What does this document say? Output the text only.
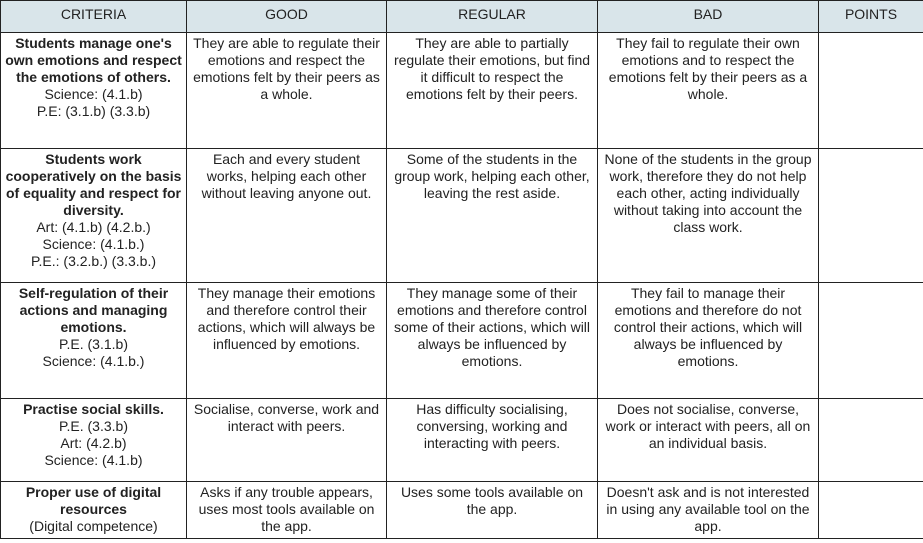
CRITERIA	GOOD	REGULAR	BAD	POINTS

Students manage one's own emotions and respect the emotions of others.
Science: (4.1.b)
P.E: (3.1.b) (3.3.b)	They are able to regulate their emotions and respect the emotions felt by their peers as a whole.	They are able to partially regulate their emotions, but find it difficult to respect the emotions felt by their peers.	They fail to regulate their own emotions and to respect the emotions felt by their peers as a whole.	

Students work cooperatively on the basis of equality and respect for diversity.
Art: (4.1.b) (4.2.b.)
Science: (4.1.b.)
P.E.: (3.2.b.) (3.3.b.)	Each and every student works, helping each other without leaving anyone out.	Some of the students in the group work, helping each other, leaving the rest aside.	None of the students in the group work, therefore they do not help each other, acting individually without taking into account the class work.	

Self-regulation of their actions and managing emotions.
P.E. (3.1.b)
Science: (4.1.b.)	They manage their emotions and therefore control their actions, which will always be influenced by emotions.	They manage some of their emotions and therefore control some of their actions, which will always be influenced by emotions.	They fail to manage their emotions and therefore do not control their actions, which will always be influenced by emotions.	

Practise social skills.
P.E. (3.3.b)
Art: (4.2.b)
Science: (4.1.b)	Socialise, converse, work and interact with peers.	Has difficulty socialising, conversing, working and interacting with peers.	Does not socialise, converse, work or interact with peers, all on an individual basis.	

Proper use of digital resources
(Digital competence)	Asks if any trouble appears, uses most tools available on the app.	Uses some tools available on the app.	Doesn't ask and is not interested in using any available tool on the app.	
